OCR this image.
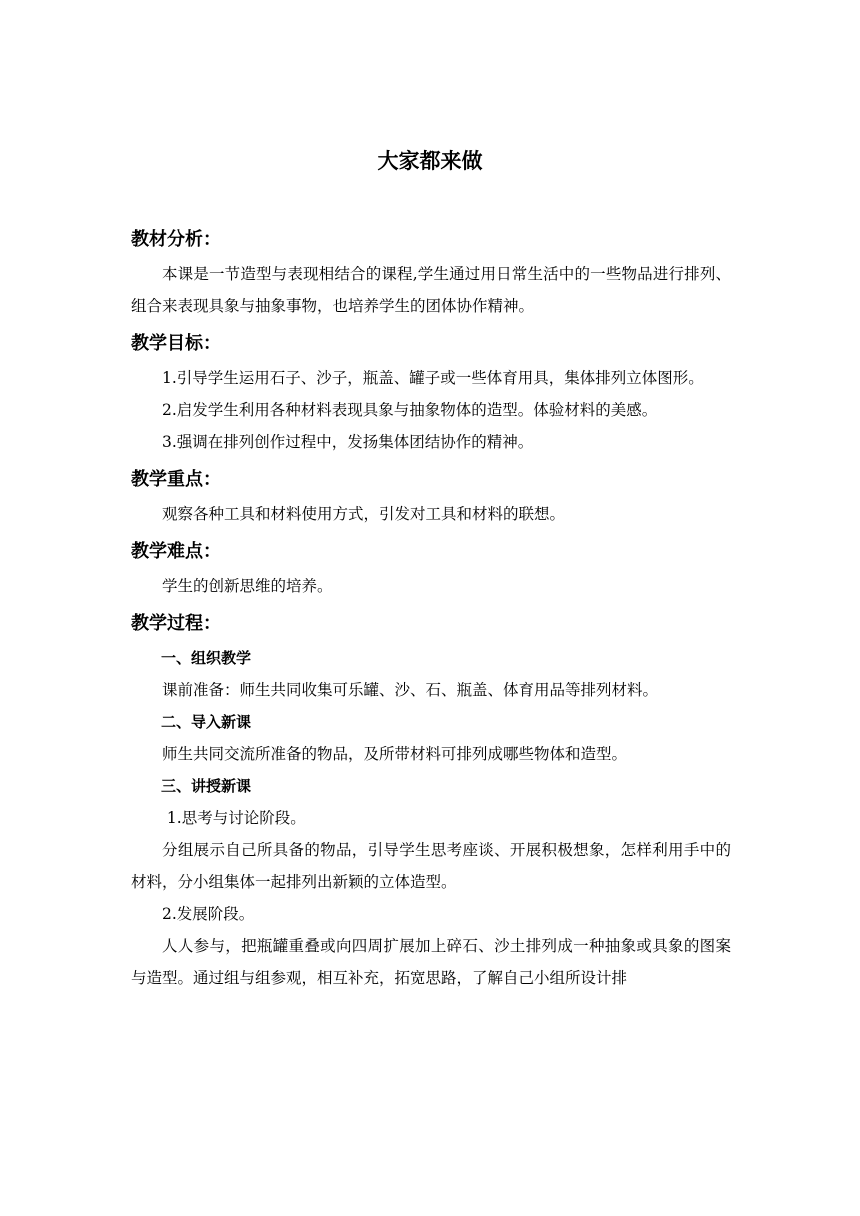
大家都来做

教材分析：

本课是一节造型与表现相结合的课程,学生通过用日常生活中的一些物品进行排列、组合来表现具象与抽象事物，也培养学生的团体协作精神。

教学目标：

1.引导学生运用石子、沙子，瓶盖、罐子或一些体育用具，集体排列立体图形。

2.启发学生利用各种材料表现具象与抽象物体的造型。体验材料的美感。

3.强调在排列创作过程中，发扬集体团结协作的精神。

教学重点：

观察各种工具和材料使用方式，引发对工具和材料的联想。

教学难点：

学生的创新思维的培养。

教学过程：

一、组织教学

课前准备：师生共同收集可乐罐、沙、石、瓶盖、体育用品等排列材料。

二、导入新课

师生共同交流所准备的物品，及所带材料可排列成哪些物体和造型。

三、讲授新课

1.思考与讨论阶段。

分组展示自己所具备的物品，引导学生思考座谈、开展积极想象，怎样利用手中的材料，分小组集体一起排列出新颖的立体造型。

2.发展阶段。

人人参与，把瓶罐重叠或向四周扩展加上碎石、沙土排列成一种抽象或具象的图案与造型。通过组与组参观，相互补充，拓宽思路，了解自己小组所设计排
